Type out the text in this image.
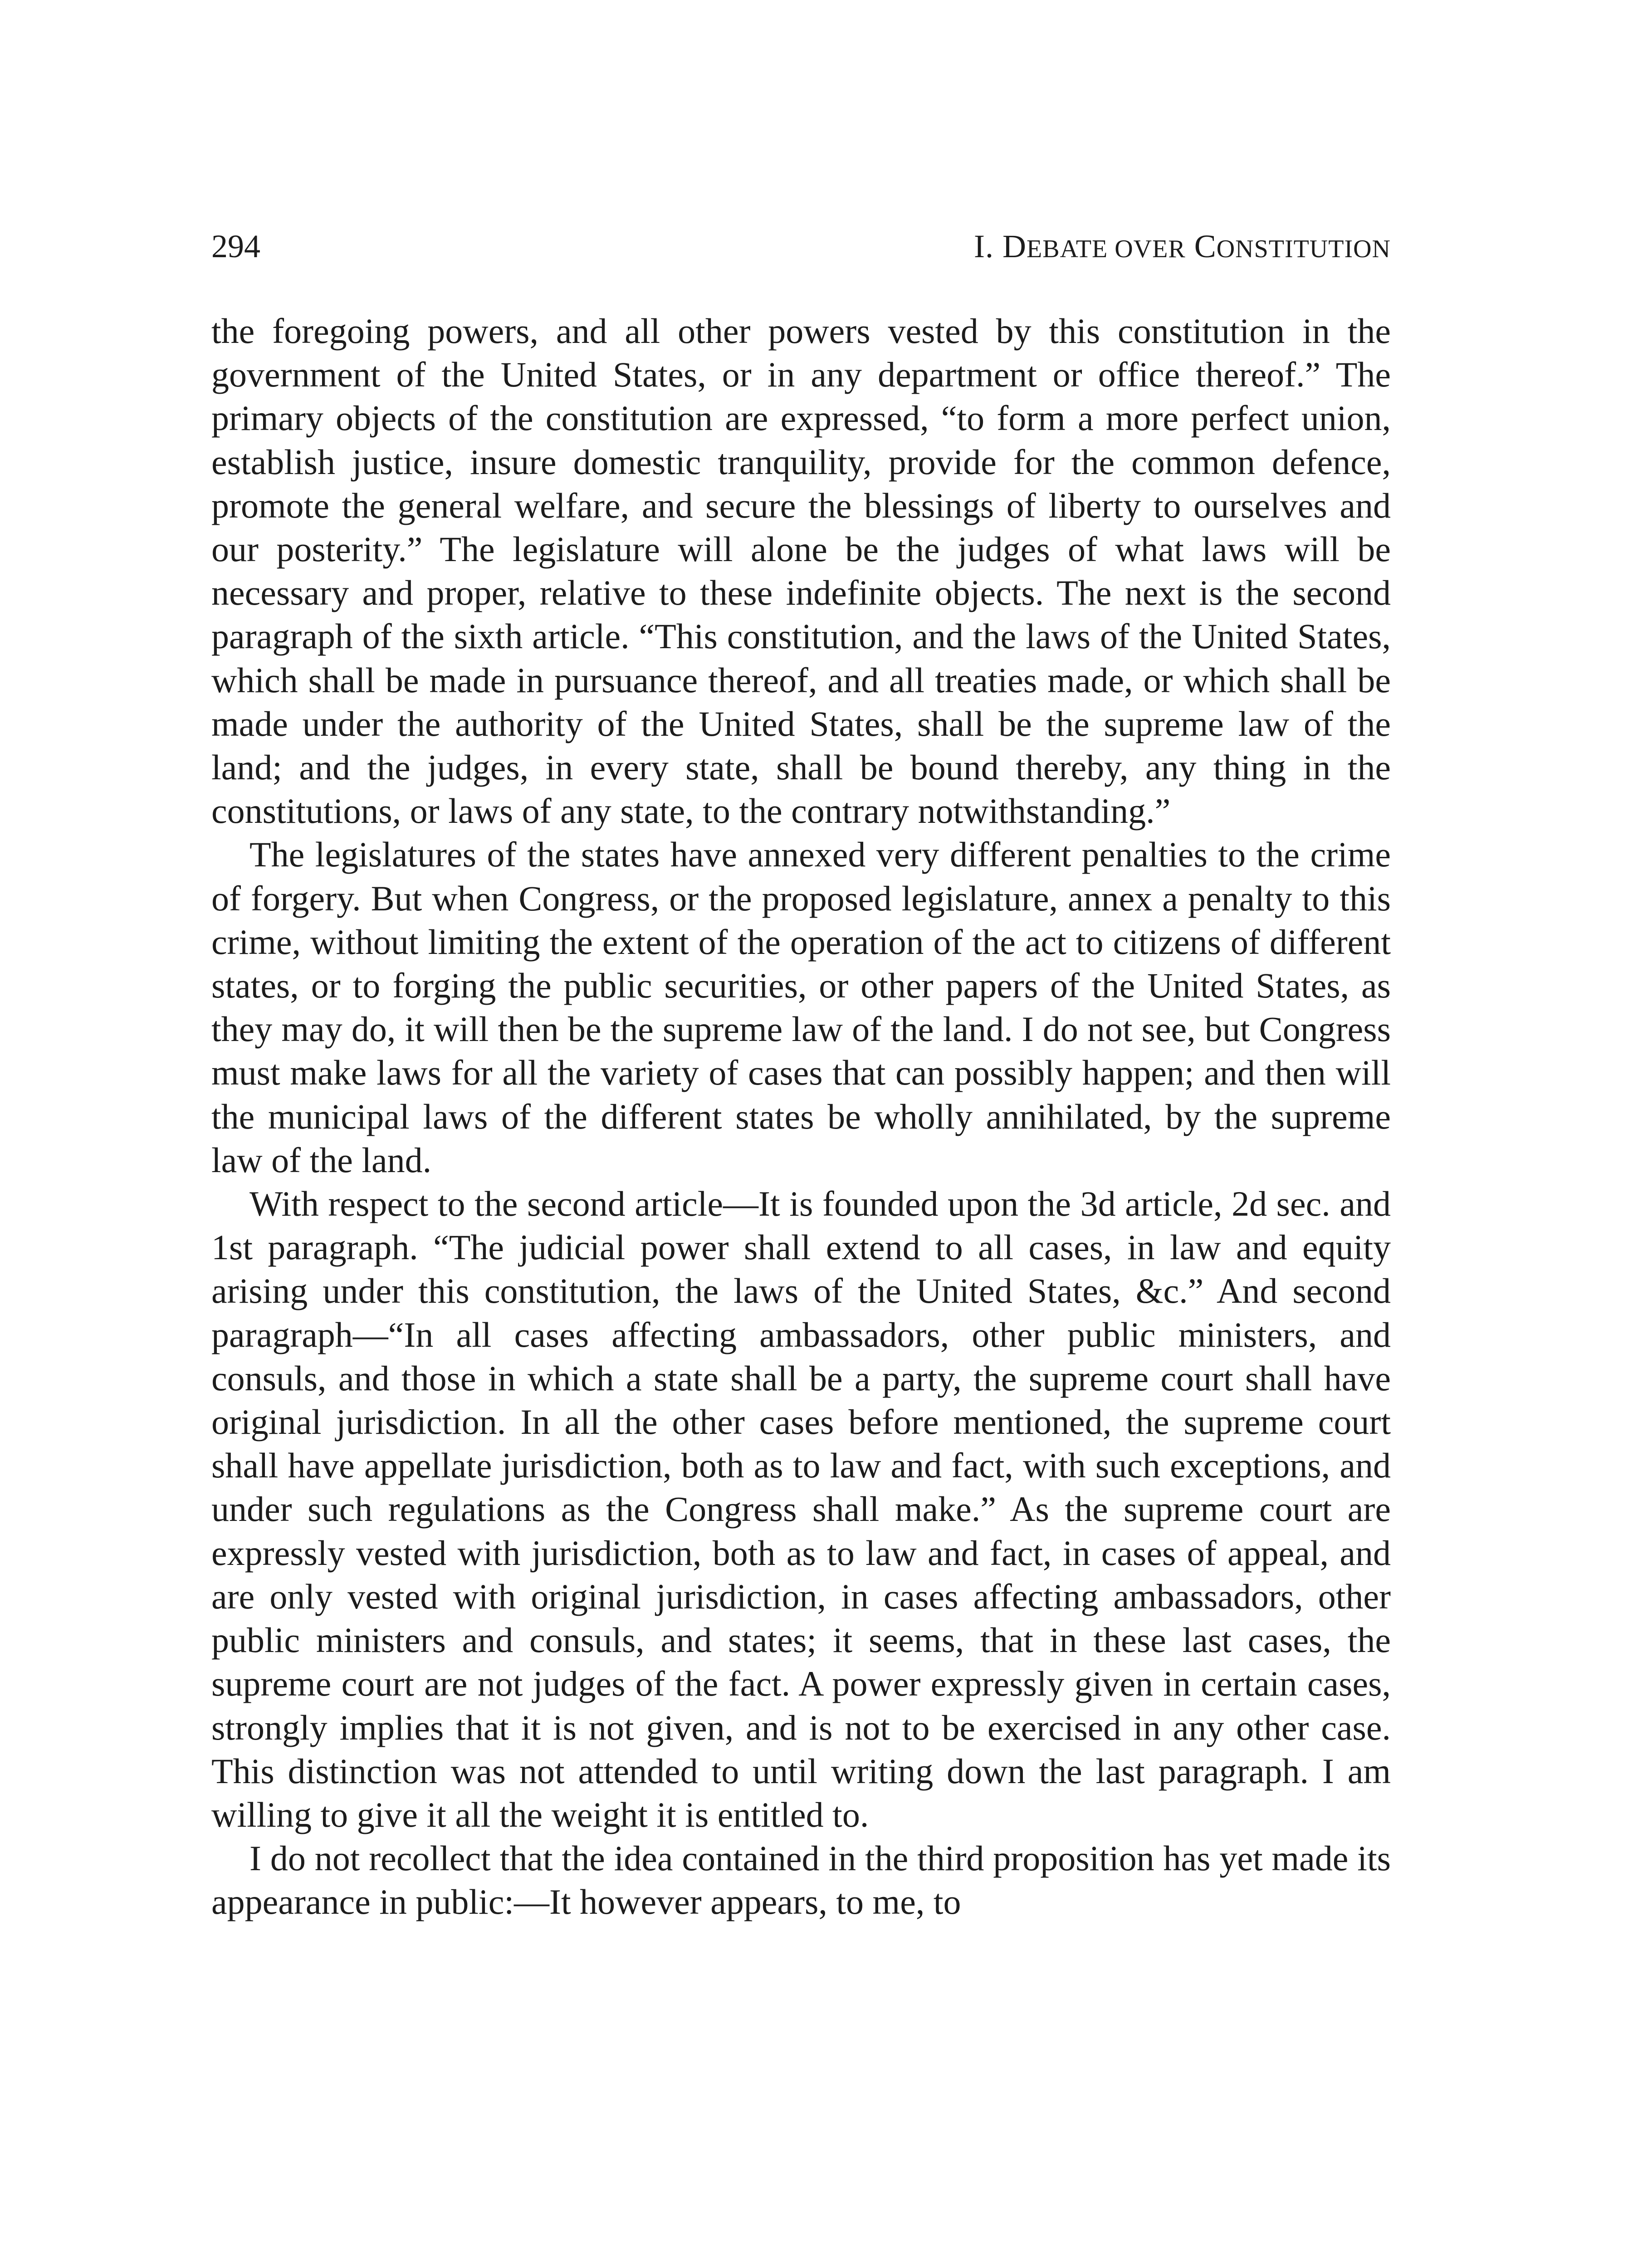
294	I. DEBATE OVER CONSTITUTION

the foregoing powers, and all other powers vested by this constitution in the government of the United States, or in any department or office thereof.” The primary objects of the constitution are expressed, “to form a more perfect union, establish justice, insure domestic tranquility, provide for the common defence, promote the general welfare, and secure the blessings of liberty to ourselves and our posterity.” The legislature will alone be the judges of what laws will be necessary and proper, relative to these indefinite objects. The next is the second paragraph of the sixth article. “This constitution, and the laws of the United States, which shall be made in pursuance thereof, and all treaties made, or which shall be made under the authority of the United States, shall be the supreme law of the land; and the judges, in every state, shall be bound thereby, any thing in the constitutions, or laws of any state, to the contrary notwithstanding.”

The legislatures of the states have annexed very different penalties to the crime of forgery. But when Congress, or the proposed legislature, annex a penalty to this crime, without limiting the extent of the operation of the act to citizens of different states, or to forging the public securities, or other papers of the United States, as they may do, it will then be the supreme law of the land. I do not see, but Congress must make laws for all the variety of cases that can possibly happen; and then will the municipal laws of the different states be wholly annihilated, by the supreme law of the land.

With respect to the second article—It is founded upon the 3d article, 2d sec. and 1st paragraph. “The judicial power shall extend to all cases, in law and equity arising under this constitution, the laws of the United States, &c.” And second paragraph—“In all cases affecting ambassadors, other public ministers, and consuls, and those in which a state shall be a party, the supreme court shall have original jurisdiction. In all the other cases before mentioned, the supreme court shall have appellate jurisdiction, both as to law and fact, with such exceptions, and under such regulations as the Congress shall make.” As the supreme court are expressly vested with jurisdiction, both as to law and fact, in cases of appeal, and are only vested with original jurisdiction, in cases affecting ambassadors, other public ministers and consuls, and states; it seems, that in these last cases, the supreme court are not judges of the fact. A power expressly given in certain cases, strongly implies that it is not given, and is not to be exercised in any other case. This distinction was not attended to until writing down the last paragraph. I am willing to give it all the weight it is entitled to.

I do not recollect that the idea contained in the third proposition has yet made its appearance in public:—It however appears, to me, to
